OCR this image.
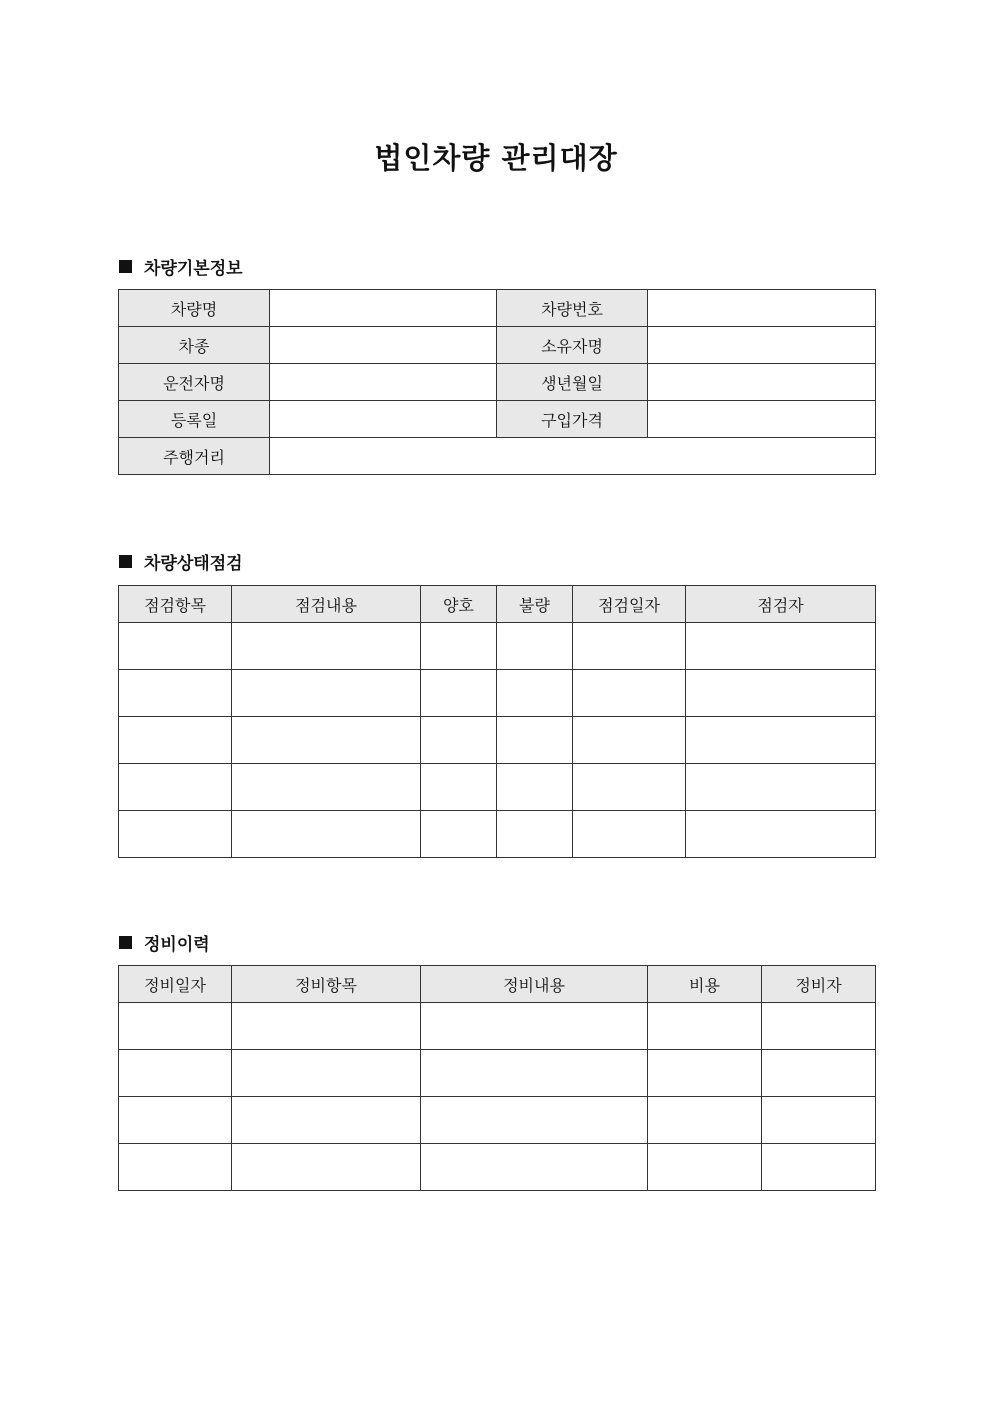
법인차량 관리대장
차량기본정보
차량명		차량번호	
차종		소유자명	
운전자명		생년월일	
등록일		구입가격	
주행거리			
차량상태점검
점검항목	점검내용	양호	불량	점검일자	점검자

정비이력
정비일자	정비항목	정비내용	비용	정비자
